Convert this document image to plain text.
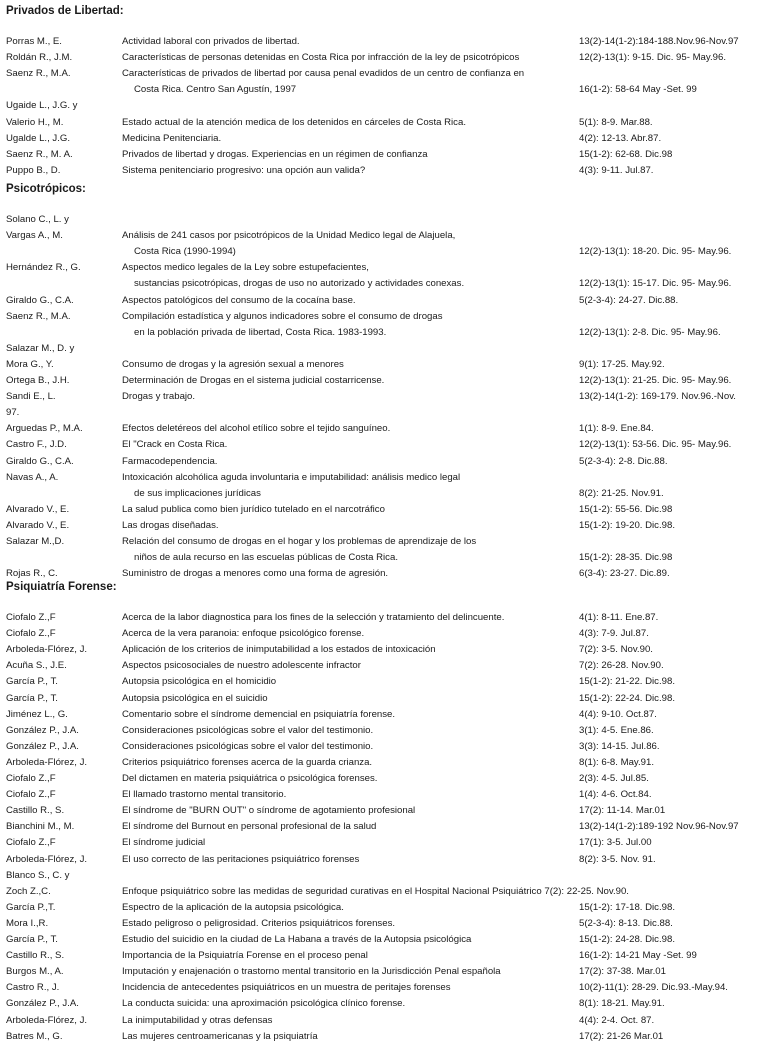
Privados de Libertad:
Porras M., E.	Actividad laboral con privados de libertad.	13(2)-14(1-2):184-188.Nov.96-Nov.97
Roldán R., J.M.	Características de personas detenidas en Costa Rica por infracción de la ley de psicotrópicos	12(2)-13(1): 9-15. Dic. 95- May.96.
Saenz R., M.A.	Características de privados de libertad por causa penal evadidos de un centro de confianza en
Costa Rica. Centro San Agustín, 1997	16(1-2): 58-64 May -Set. 99
Ugaide L., J.G. y
Valerio H., M.	Estado actual de la atención medica de los detenidos en cárceles de Costa Rica.	5(1): 8-9. Mar.88.
Ugalde L., J.G.	Medicina Penitenciaria.	4(2): 12-13. Abr.87.
Saenz R., M. A.	Privados de libertad y drogas. Experiencias en un régimen de confianza	15(1-2): 62-68. Dic.98
Puppo B., D.	Sistema penitenciario progresivo: una opción aun valida?	4(3): 9-11. Jul.87.
Psicotrópicos:
Solano C., L. y
Vargas A., M.	Análisis de 241 casos por psicotrópicos de la Unidad Medico legal de Alajuela,
Costa Rica (1990-1994)	12(2)-13(1): 18-20. Dic. 95- May.96.
Hernández R., G.	Aspectos medico legales de la Ley sobre estupefacientes,
sustancias psicotrópicas, drogas de uso no autorizado y actividades conexas.	12(2)-13(1): 15-17. Dic. 95- May.96.
Giraldo G., C.A.	Aspectos patológicos del consumo de la cocaína base.	5(2-3-4): 24-27. Dic.88.
Saenz R., M.A.	Compilación estadística y algunos indicadores sobre el consumo de drogas
en la población privada de libertad, Costa Rica. 1983-1993.	12(2)-13(1): 2-8. Dic. 95- May.96.
Salazar M., D. y
Mora G., Y.	Consumo de drogas y la agresión sexual a menores	9(1): 17-25. May.92.
Ortega B., J.H.	Determinación de Drogas en el sistema judicial costarricense.	12(2)-13(1): 21-25. Dic. 95- May.96.
Sandi E., L.	Drogas y trabajo.	13(2)-14(1-2): 169-179. Nov.96.-Nov.
97.
Arguedas P., M.A.	Efectos deletéreos del alcohol etílico sobre el tejido sanguíneo.	1(1): 8-9. Ene.84.
Castro F., J.D.	El "Crack en Costa Rica.	12(2)-13(1): 53-56. Dic. 95- May.96.
Giraldo G., C.A.	Farmacodependencia.	5(2-3-4): 2-8. Dic.88.
Navas A., A.	Intoxicación alcohólica aguda involuntaria e imputabilidad: análisis medico legal
de sus implicaciones jurídicas	8(2): 21-25. Nov.91.
Alvarado V., E.	La salud publica como bien jurídico tutelado en el narcotráfico	15(1-2): 55-56. Dic.98
Alvarado V., E.	Las drogas diseñadas.	15(1-2): 19-20. Dic.98.
Salazar M.,D.	Relación del consumo de drogas en el hogar y los problemas de aprendizaje de los
niños de aula recurso en las escuelas públicas de Costa Rica.	15(1-2): 28-35. Dic.98
Rojas R., C.	Suministro de drogas a menores como una forma de agresión.	6(3-4): 23-27. Dic.89.
Psiquiatría Forense:
Ciofalo Z.,F	Acerca de la labor diagnostica para los fines de la selección y tratamiento del delincuente.	4(1): 8-11. Ene.87.
Ciofalo Z.,F	Acerca de la vera paranoia: enfoque psicológico forense.	4(3): 7-9. Jul.87.
Arboleda-Flórez, J.	Aplicación de los criterios de inimputabilidad a los estados de intoxicación	7(2): 3-5. Nov.90.
Acuña S., J.E.	Aspectos psicosociales de nuestro adolescente infractor	7(2): 26-28. Nov.90.
García P., T.	Autopsia psicológica en el homicidio	15(1-2): 21-22. Dic.98.
García P., T.	Autopsia psicológica en el suicidio	15(1-2): 22-24. Dic.98.
Jiménez L., G.	Comentario sobre el síndrome demencial en psiquiatría forense.	4(4): 9-10. Oct.87.
González P., J.A.	Consideraciones psicológicas sobre el valor del testimonio.	3(1): 4-5. Ene.86.
González P., J.A.	Consideraciones psicológicas sobre el valor del testimonio.	3(3): 14-15. Jul.86.
Arboleda-Flórez, J.	Criterios psiquiátrico forenses acerca de la guarda crianza.	8(1): 6-8. May.91.
Ciofalo Z.,F	Del dictamen en materia psiquiátrica o psicológica forenses.	2(3): 4-5. Jul.85.
Ciofalo Z.,F	El llamado trastorno mental transitorio.	1(4): 4-6. Oct.84.
Castillo R., S.	El síndrome de "BURN OUT" o síndrome de agotamiento profesional	17(2): 11-14. Mar.01
Bianchini M., M.	El síndrome del Burnout en personal profesional de la salud	13(2)-14(1-2):189-192 Nov.96-Nov.97
Ciofalo Z.,F	El síndrome judicial	17(1): 3-5. Jul.00
Arboleda-Flórez, J.	El uso correcto de las peritaciones psiquiátrico forenses	8(2): 3-5. Nov. 91.
Blanco S., C. y
Zoch Z.,C.	Enfoque psiquiátrico sobre las medidas de seguridad curativas en el Hospital Nacional Psiquiátrico 7(2): 22-25. Nov.90.
García P.,T.	Espectro de la aplicación de la autopsia psicológica.	15(1-2): 17-18. Dic.98.
Mora I.,R.	Estado peligroso o peligrosidad. Criterios psiquiátricos forenses.	5(2-3-4): 8-13. Dic.88.
García P., T.	Estudio del suicidio en la ciudad de La Habana a través de la Autopsia psicológica	15(1-2): 24-28. Dic.98.
Castillo R., S.	Importancia de la Psiquiatría Forense en el proceso penal	16(1-2): 14-21 May -Set. 99
Burgos M., A.	Imputación y enajenación o trastorno mental transitorio en la Jurisdicción Penal española	17(2): 37-38. Mar.01
Castro R., J.	Incidencia de antecedentes psiquiátricos en un muestra de peritajes forenses	10(2)-11(1): 28-29. Dic.93.-May.94.
González P., J.A.	La conducta suicida: una aproximación psicológica clínico forense.	8(1): 18-21. May.91.
Arboleda-Flórez, J.	La inimputabilidad y otras defensas	4(4): 2-4. Oct. 87.
Batres M., G.	Las mujeres centroamericanas y la psiquiatría	17(2): 21-26 Mar.01
